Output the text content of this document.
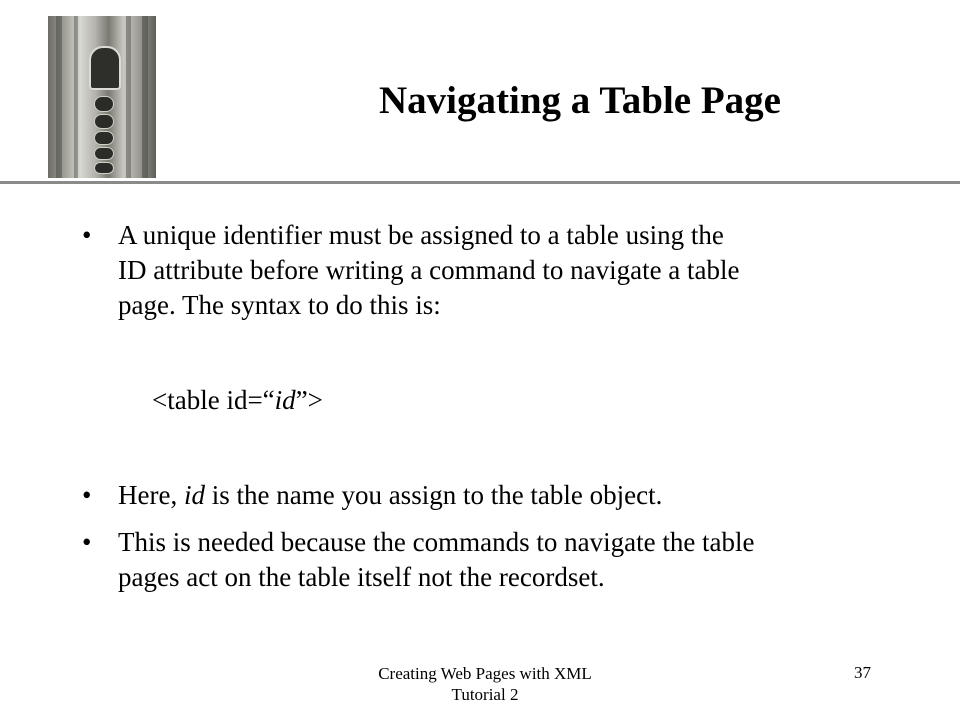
Navigating a Table Page
• A unique identifier must be assigned to a table using the
ID attribute before writing a command to navigate a table
page. The syntax to do this is:
<table id=“id”>
• Here, id is the name you assign to the table object.
• This is needed because the commands to navigate the table
pages act on the table itself not the recordset.
Creating Web Pages with XML
Tutorial 2
37
